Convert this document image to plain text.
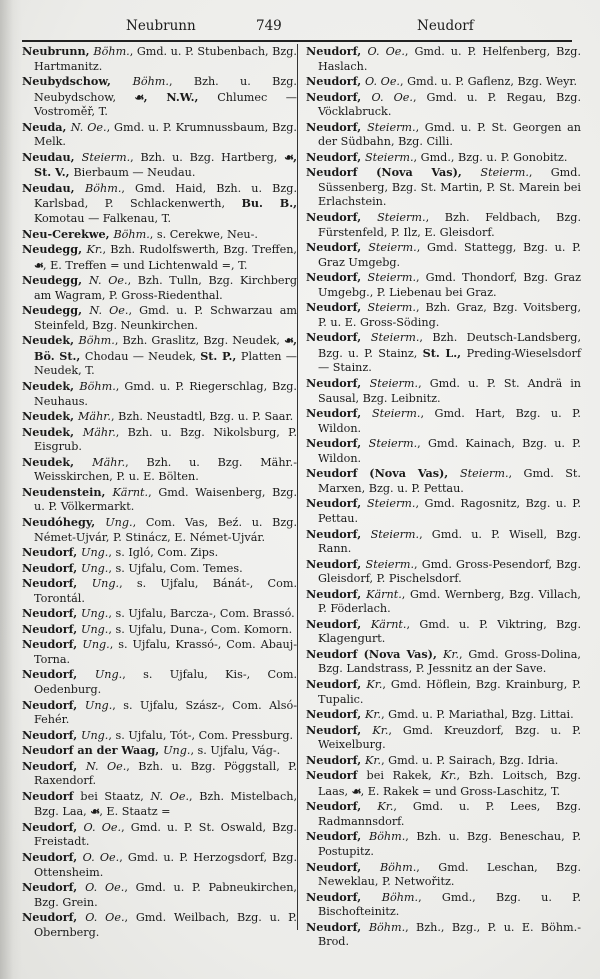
Neubrunn	749	Neudorf

Neubrunn, Böhm., Gmd. u. P. Stubenbach, Bzg. Hartmanitz.

Neubydschow, Böhm., Bzh. u. Bzg. Neubydschow, ☙, N.W., Chlumec — Vostroměř, T.

Neuda, N. Oe., Gmd. u. P. Krumnussbaum, Bzg. Melk.

Neudau, Steierm., Bzh. u. Bzg. Hartberg, ☙, St. V., Bierbaum — Neudau.

Neudau, Böhm., Gmd. Haid, Bzh. u. Bzg. Karlsbad, P. Schlackenwerth, Bu. B., Komotau — Falkenau, T.

Neu-Cerekwe, Böhm., s. Cerekwe, Neu-.

Neudegg, Kr., Bzh. Rudolfswerth, Bzg. Treffen, ☙, E. Treffen = und Lichtenwald =, T.

Neudegg, N. Oe., Bzh. Tulln, Bzg. Kirchberg am Wagram, P. Gross-Riedenthal.

Neudegg, N. Oe., Gmd. u. P. Schwarzau am Steinfeld, Bzg. Neunkirchen.

Neudek, Böhm., Bzh. Graslitz, Bzg. Neudek, ☙, Bö. St., Chodau — Neudek, St. P., Platten — Neudek, T.

Neudek, Böhm., Gmd. u. P. Riegerschlag, Bzg. Neuhaus.

Neudek, Mähr., Bzh. Neustadtl, Bzg. u. P. Saar.

Neudek, Mähr., Bzh. u. Bzg. Nikolsburg, P. Eisgrub.

Neudek, Mähr., Bzh. u. Bzg. Mähr.-Weisskirchen, P. u. E. Bölten.

Neudenstein, Kärnt., Gmd. Waisenberg, Bzg. u. P. Völkermarkt.

Neudóhegy, Ung., Com. Vas, Beź. u. Bzg. Német-Ujvár, P. Stinácz, E. Német-Ujvár.

Neudorf, Ung., s. Igló, Com. Zips.

Neudorf, Ung., s. Ujfalu, Com. Temes.

Neudorf, Ung., s. Ujfalu, Bánát-, Com. Torontál.

Neudorf, Ung., s. Ujfalu, Barcza-, Com. Brassó.

Neudorf, Ung., s. Ujfalu, Duna-, Com. Komorn.

Neudorf, Ung., s. Ujfalu, Krassó-, Com. Abauj-Torna.

Neudorf, Ung., s. Ujfalu, Kis-, Com. Oedenburg.

Neudorf, Ung., s. Ujfalu, Szász-, Com. Alsó-Fehér.

Neudorf, Ung., s. Ujfalu, Tót-, Com. Pressburg.

Neudorf an der Waag, Ung., s. Ujfalu, Vág-.

Neudorf, N. Oe., Bzh. u. Bzg. Pöggstall, P. Raxendorf.

Neudorf bei Staatz, N. Oe., Bzh. Mistelbach, Bzg. Laa, ☙, E. Staatz =

Neudorf, O. Oe., Gmd. u. P. St. Oswald, Bzg. Freistadt.

Neudorf, O. Oe., Gmd. u. P. Herzogsdorf, Bzg. Ottensheim.

Neudorf, O. Oe., Gmd. u. P. Pabneukirchen, Bzg. Grein.

Neudorf, O. Oe., Gmd. Weilbach, Bzg. u. P. Obernberg.

Neudorf, O. Oe., Gmd. u. P. Helfenberg, Bzg. Haslach.

Neudorf, O. Oe., Gmd. u. P. Gaflenz, Bzg. Weyr.

Neudorf, O. Oe., Gmd. u. P. Regau, Bzg. Vöcklabruck.

Neudorf, Steierm., Gmd. u. P. St. Georgen an der Südbahn, Bzg. Cilli.

Neudorf, Steierm., Gmd., Bzg. u. P. Gonobitz.

Neudorf (Nova Vas), Steierm., Gmd. Süssenberg, Bzg. St. Martin, P. St. Marein bei Erlachstein.

Neudorf, Steierm., Bzh. Feldbach, Bzg. Fürstenfeld, P. Ilz, E. Gleisdorf.

Neudorf, Steierm., Gmd. Stattegg, Bzg. u. P. Graz Umgebg.

Neudorf, Steierm., Gmd. Thondorf, Bzg. Graz Umgebg., P. Liebenau bei Graz.

Neudorf, Steierm., Bzh. Graz, Bzg. Voitsberg, P. u. E. Gross-Söding.

Neudorf, Steierm., Bzh. Deutsch-Landsberg, Bzg. u. P. Stainz, St. L., Preding-Wieselsdorf — Stainz.

Neudorf, Steierm., Gmd. u. P. St. Andrä in Sausal, Bzg. Leibnitz.

Neudorf, Steierm., Gmd. Hart, Bzg. u. P. Wildon.

Neudorf, Steierm., Gmd. Kainach, Bzg. u. P. Wildon.

Neudorf (Nova Vas), Steierm., Gmd. St. Marxen, Bzg. u. P. Pettau.

Neudorf, Steierm., Gmd. Ragosnitz, Bzg. u. P. Pettau.

Neudorf, Steierm., Gmd. u. P. Wisell, Bzg. Rann.

Neudorf, Steierm., Gmd. Gross-Pesendorf, Bzg. Gleisdorf, P. Pischelsdorf.

Neudorf, Kärnt., Gmd. Wernberg, Bzg. Villach, P. Föderlach.

Neudorf, Kärnt., Gmd. u. P. Viktring, Bzg. Klagengurt.

Neudorf (Nova Vas), Kr., Gmd. Gross-Dolina, Bzg. Landstrass, P. Jessnitz an der Save.

Neudorf, Kr., Gmd. Höflein, Bzg. Krainburg, P. Tupalic.

Neudorf, Kr., Gmd. u. P. Mariathal, Bzg. Littai.

Neudorf, Kr., Gmd. Kreuzdorf, Bzg. u. P. Weixelburg.

Neudorf, Kr., Gmd. u. P. Sairach, Bzg. Idria.

Neudorf bei Rakek, Kr., Bzh. Loitsch, Bzg. Laas, ☙, E. Rakek = und Gross-Laschitz, T.

Neudorf, Kr., Gmd. u. P. Lees, Bzg. Radmannsdorf.

Neudorf, Böhm., Bzh. u. Bzg. Beneschau, P. Postupitz.

Neudorf, Böhm., Gmd. Leschan, Bzg. Neweklau, P. Netwořitz.

Neudorf, Böhm., Gmd., Bzg. u. P. Bischofteinitz.

Neudorf, Böhm., Bzh., Bzg., P. u. E. Böhm.-Brod.
